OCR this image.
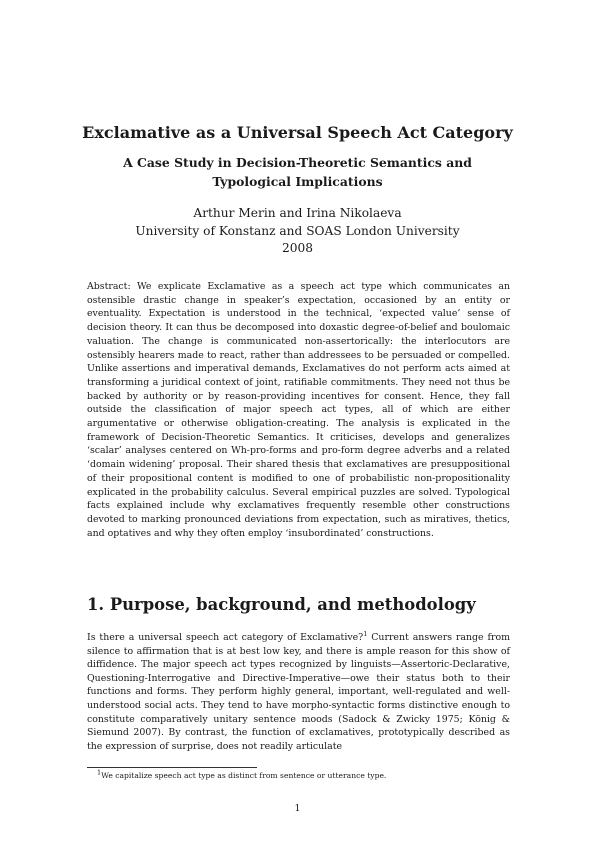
Exclamative as a Universal Speech Act Category
A Case Study in Decision-Theoretic Semantics and
Typological Implications
Arthur Merin and Irina Nikolaeva
University of Konstanz and SOAS London University
2008

Abstract: We explicate Exclamative as a speech act type which communicates an ostensible drastic change in speaker’s expectation, occasioned by an entity or eventuality. Expectation is understood in the technical, ‘expected value’ sense of decision theory. It can thus be decomposed into doxastic degree-of-belief and boulomaic valuation. The change is communicated non-assertorically: the interlocutors are ostensibly hearers made to react, rather than addressees to be persuaded or compelled. Unlike assertions and imperatival demands, Exclamatives do not perform acts aimed at transforming a juridical context of joint, ratifiable commitments. They need not thus be backed by authority or by reason-providing incentives for consent. Hence, they fall outside the classification of major speech act types, all of which are either argumentative or otherwise obligation-creating. The analysis is explicated in the framework of Decision-Theoretic Semantics. It criticises, develops and generalizes ‘scalar’ analyses centered on Wh-pro-forms and pro-form degree adverbs and a related ‘domain widening’ proposal. Their shared thesis that exclamatives are presuppositional of their propositional content is modified to one of probabilistic non-propositionality explicated in the probability calculus. Several empirical puzzles are solved. Typological facts explained include why exclamatives frequently resemble other constructions devoted to marking pronounced deviations from expectation, such as miratives, thetics, and optatives and why they often employ ‘insubordinated’ constructions.

1. Purpose, background, and methodology

Is there a universal speech act category of Exclamative?$^1$ Current answers range from silence to affirmation that is at best low key, and there is ample reason for this show of diffidence. The major speech act types recognized by linguists—Assertoric-Declarative, Questioning-Interrogative and Directive-Imperative—owe their status both to their functions and forms. They perform highly general, important, well-regulated and well-understood social acts. They tend to have morpho-syntactic forms distinctive enough to constitute comparatively unitary sentence moods (Sadock & Zwicky 1975; König & Siemund 2007). By contrast, the function of exclamatives, prototypically described as the expression of surprise, does not readily articulate

$^1$We capitalize speech act type as distinct from sentence or utterance type.

1
